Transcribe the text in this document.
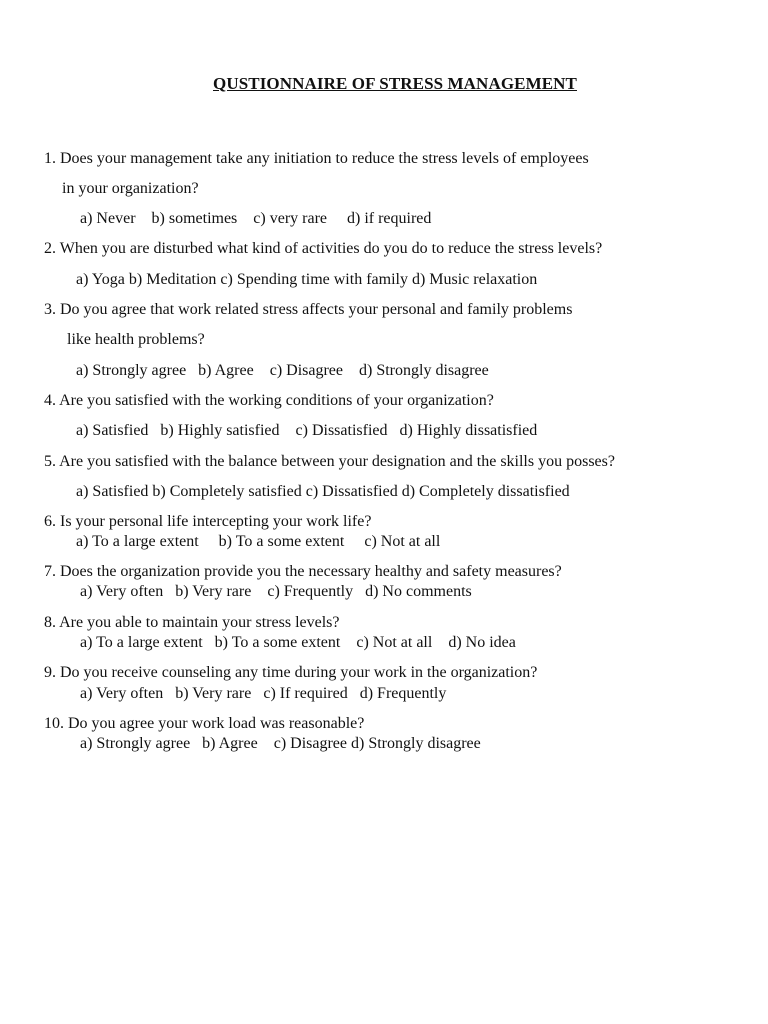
QUSTIONNAIRE OF STRESS MANAGEMENT
1. Does your management take any initiation to reduce the stress levels of employees
in your organization?
a) Never    b) sometimes    c) very rare     d) if required
2. When you are disturbed what kind of activities do you do to reduce the stress levels?
a) Yoga b) Meditation c) Spending time with family d) Music relaxation
3. Do you agree that work related stress affects your personal and family problems
like health problems?
a) Strongly agree   b) Agree    c) Disagree    d) Strongly disagree
4. Are you satisfied with the working conditions of your organization?
a) Satisfied   b) Highly satisfied    c) Dissatisfied   d) Highly dissatisfied
5. Are you satisfied with the balance between your designation and the skills you posses?
a) Satisfied b) Completely satisfied c) Dissatisfied d) Completely dissatisfied
6. Is your personal life intercepting your work life?
a) To a large extent     b) To a some extent     c) Not at all
7. Does the organization provide you the necessary healthy and safety measures?
a) Very often   b) Very rare    c) Frequently   d) No comments
8. Are you able to maintain your stress levels?
a) To a large extent   b) To a some extent    c) Not at all    d) No idea
9. Do you receive counseling any time during your work in the organization?
a) Very often   b) Very rare   c) If required   d) Frequently
10. Do you agree your work load was reasonable?
a) Strongly agree   b) Agree    c) Disagree d) Strongly disagree
